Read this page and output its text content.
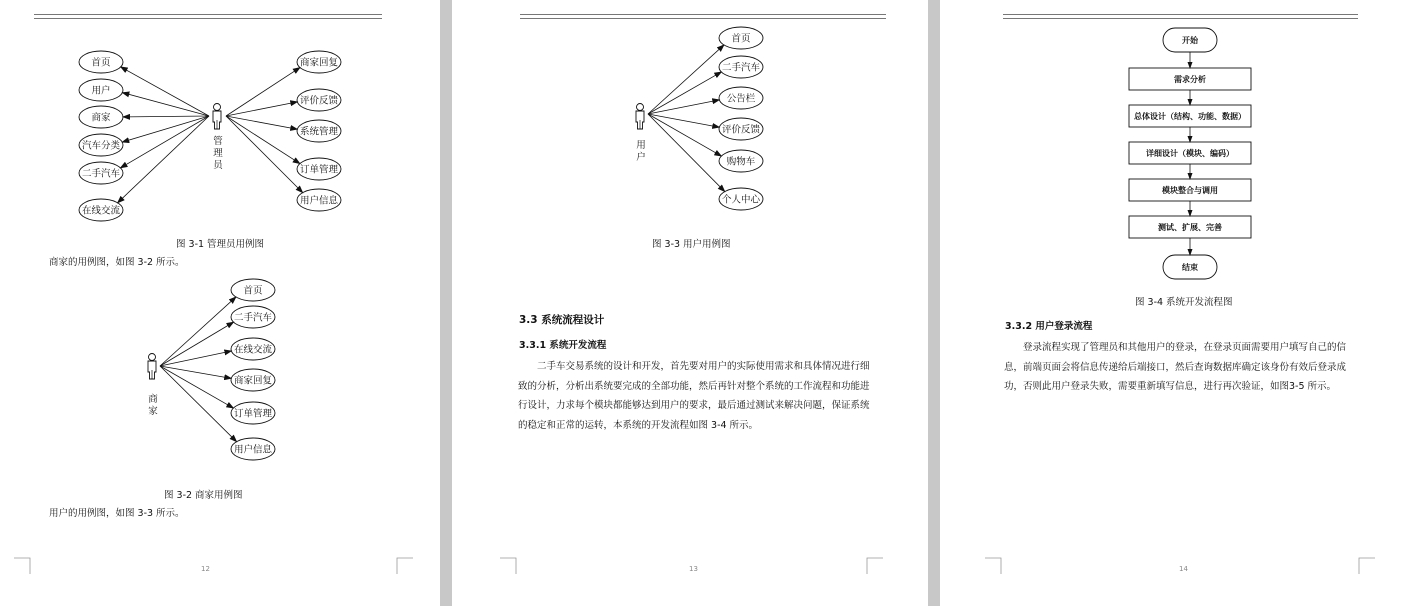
管理员
首页
用户
商家
汽车分类
二手汽车
在线交流
商家回复
评价反馈
系统管理
订单管理
用户信息
商家
首页
二手汽车
在线交流
商家回复
订单管理
用户信息
图 3-1 管理员用例图
商家的用例图，如图 3-2 所示。
图 3-2 商家用例图
用户的用例图，如图 3-3 所示。
12
用户
首页
二手汽车
公告栏
评价反馈
购物车
个人中心
图 3-3 用户用例图
3.3 系统流程设计
3.3.1 系统开发流程
二手车交易系统的设计和开发，首先要对用户的实际使用需求和具体情况进行细致的分析，分析出系统要完成的全部功能，然后再针对整个系统的工作流程和功能进行设计，力求每个模块都能够达到用户的要求，最后通过测试来解决问题，保证系统的稳定和正常的运转，本系统的开发流程如图 3-4 所示。
13
开始
需求分析
总体设计（结构、功能、数据）
详细设计（模块、编码）
模块整合与调用
测试、扩展、完善
结束
图 3-4 系统开发流程图
3.3.2 用户登录流程
登录流程实现了管理员和其他用户的登录，在登录页面需要用户填写自己的信息，前端页面会将信息传递给后端接口，然后查询数据库确定该身份有效后登录成功，否则此用户登录失败，需要重新填写信息，进行再次验证，如图3-5 所示。
14
